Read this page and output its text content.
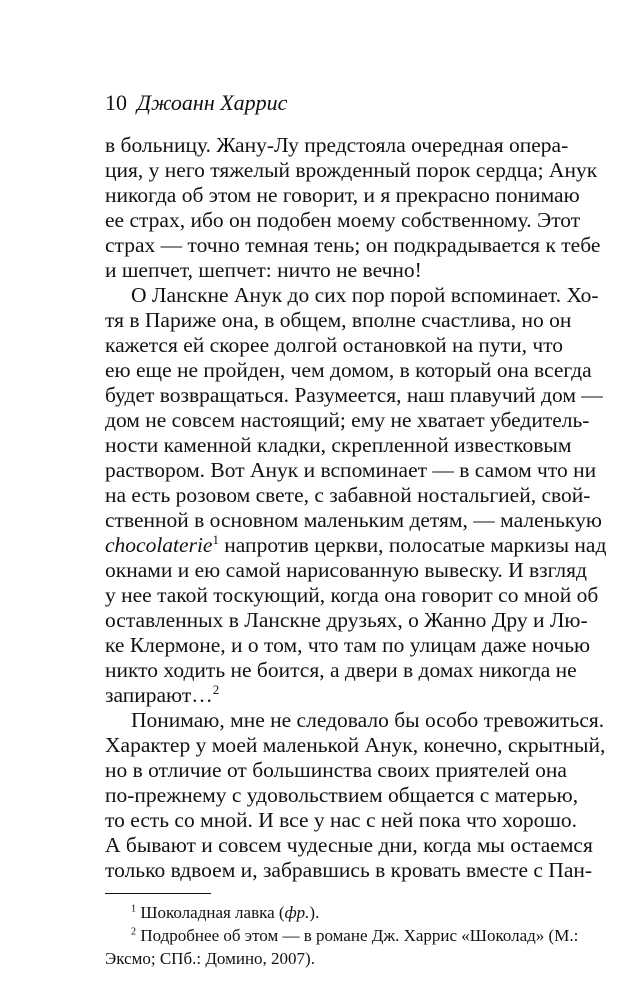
10 Джоанн Харрис
в больницу. Жану-Лу предстояла очередная опера-
ция, у него тяжелый врожденный порок сердца; Анук
никогда об этом не говорит, и я прекрасно понимаю
ее страх, ибо он подобен моему собственному. Этот
страх — точно темная тень; он подкрадывается к тебе
и шепчет, шепчет: ничто не вечно!
О Ланскне Анук до сих пор порой вспоминает. Хо-
тя в Париже она, в общем, вполне счастлива, но он
кажется ей скорее долгой остановкой на пути, что
ею еще не пройден, чем домом, в который она всегда
будет возвращаться. Разумеется, наш плавучий дом —
дом не совсем настоящий; ему не хватает убедитель-
ности каменной кладки, скрепленной известковым
раствором. Вот Анук и вспоминает — в самом что ни
на есть розовом свете, с забавной ностальгией, свой-
ственной в основном маленьким детям, — маленькую
chocolaterie$^1$ напротив церкви, полосатые маркизы над
окнами и ею самой нарисованную вывеску. И взгляд
у нее такой тоскующий, когда она говорит со мной об
оставленных в Ланскне друзьях, о Жанно Дру и Лю-
ке Клермоне, и о том, что там по улицам даже ночью
никто ходить не боится, а двери в домах никогда не
запирают…$^2$
Понимаю, мне не следовало бы особо тревожиться.
Характер у моей маленькой Анук, конечно, скрытный,
но в отличие от большинства своих приятелей она
по-прежнему с удовольствием общается с матерью,
то есть со мной. И все у нас с ней пока что хорошо.
А бывают и совсем чудесные дни, когда мы остаемся
только вдвоем и, забравшись в кровать вместе с Пан-
$^1$ Шоколадная лавка (фр.).
$^2$ Подробнее об этом — в романе Дж. Харрис «Шоколад» (М.:
Эксмо; СПб.: Домино, 2007).
